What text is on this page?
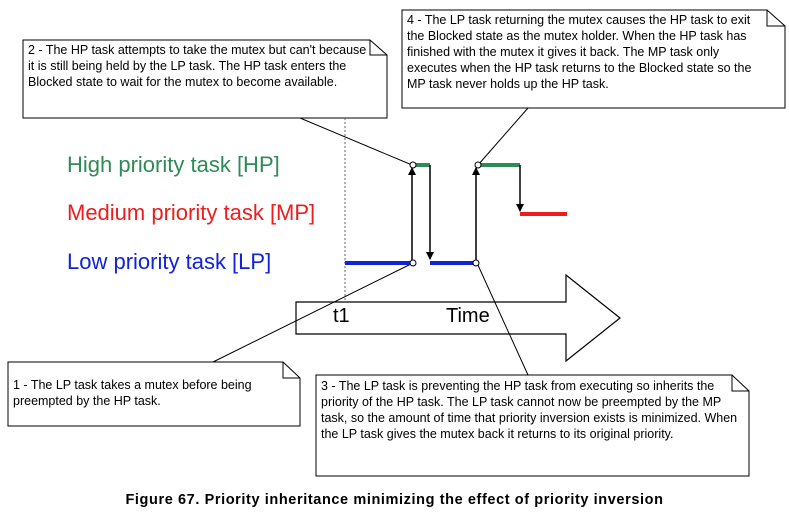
2 - The HP task attempts to take the mutex but can't because it is still being held by the LP task. The HP task enters the Blocked state to wait for the mutex to become available.
4 - The LP task returning the mutex causes the HP task to exit the Blocked state as the mutex holder. When the HP task has finished with the mutex it gives it back. The MP task only executes when the HP task returns to the Blocked state so the MP task never holds up the HP task.
1 - The LP task takes a mutex before being preempted by the HP task.
3 - The LP task is preventing the HP task from executing so inherits the priority of the HP task. The LP task cannot now be preempted by the MP task, so the amount of time that priority inversion exists is minimized. When the LP task gives the mutex back it returns to its original priority.
High priority task [HP]
Medium priority task [MP]
Low priority task [LP]
t1	Time
Figure 67. Priority inheritance minimizing the effect of priority inversion
